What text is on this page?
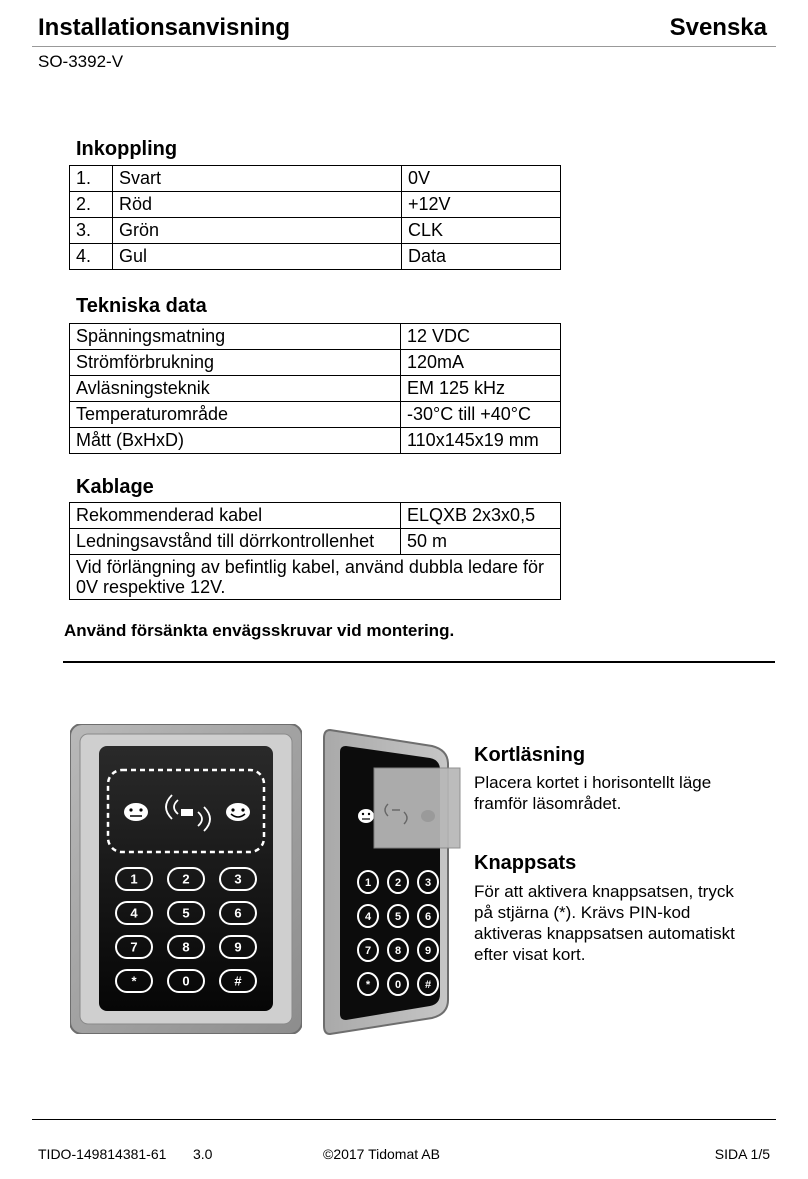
Installationsanvisning	Svenska
SO-3392-V
Inkoppling
1.	Svart	0V
2.	Röd	+12V
3.	Grön	CLK
4.	Gul	Data
Tekniska data
Spänningsmatning	12 VDC
Strömförbrukning	120mA
Avläsningsteknik	EM 125 kHz
Temperaturområde	-30°C till +40°C
Mått (BxHxD)	110x145x19 mm
Kablage
Rekommenderad kabel	ELQXB 2x3x0,5
Ledningsavstånd till dörrkontrollenhet	50 m
Vid förlängning av befintlig kabel, använd dubbla ledare för 0V respektive 12V.	
Använd försänkta envägsskruvar vid montering.
1	2	3
4	5	6
7	8	9
*	0	#
1 2 3
4 5 6
7 8 9
* 0 #
Kortläsning
Placera kortet i horisontellt läge
framför läsområdet.
Knappsats
För att aktivera knappsatsen, tryck
på stjärna (*). Krävs PIN-kod
aktiveras knappsatsen automatiskt
efter visat kort.
TIDO-149814381-61 3.0	©2017 Tidomat AB	SIDA 1/5
